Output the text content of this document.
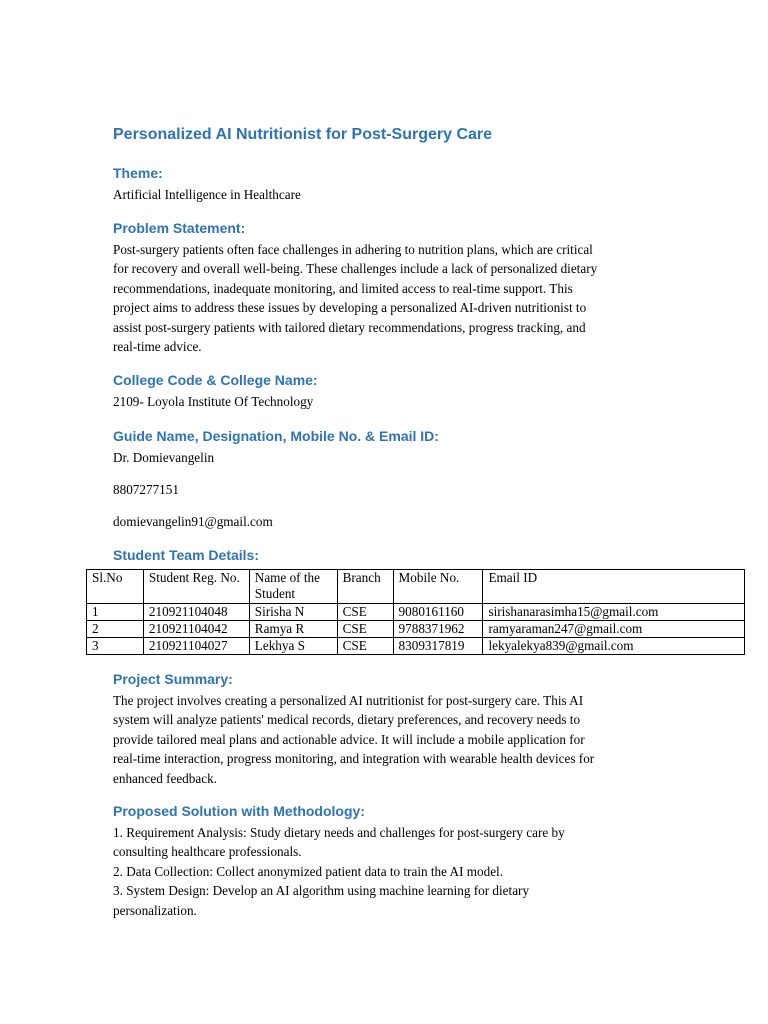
Personalized AI Nutritionist for Post-Surgery Care
Theme:
Artificial Intelligence in Healthcare
Problem Statement:
Post-surgery patients often face challenges in adhering to nutrition plans, which are critical
for recovery and overall well-being. These challenges include a lack of personalized dietary
recommendations, inadequate monitoring, and limited access to real-time support. This
project aims to address these issues by developing a personalized AI-driven nutritionist to
assist post-surgery patients with tailored dietary recommendations, progress tracking, and
real-time advice.
College Code & College Name:
2109- Loyola Institute Of Technology
Guide Name, Designation, Mobile No. & Email ID:
Dr. Domievangelin
8807277151
domievangelin91@gmail.com
Student Team Details:
Sl.No	Student Reg. No.	Name of the Student	Branch	Mobile No.	Email ID
1	210921104048	Sirisha N	CSE	9080161160	sirishanarasimha15@gmail.com
2	210921104042	Ramya R	CSE	9788371962	ramyaraman247@gmail.com
3	210921104027	Lekhya S	CSE	8309317819	lekyalekya839@gmail.com
Project Summary:
The project involves creating a personalized AI nutritionist for post-surgery care. This AI
system will analyze patients' medical records, dietary preferences, and recovery needs to
provide tailored meal plans and actionable advice. It will include a mobile application for
real-time interaction, progress monitoring, and integration with wearable health devices for
enhanced feedback.
Proposed Solution with Methodology:
1. Requirement Analysis: Study dietary needs and challenges for post-surgery care by
consulting healthcare professionals.
2. Data Collection: Collect anonymized patient data to train the AI model.
3. System Design: Develop an AI algorithm using machine learning for dietary
personalization.
